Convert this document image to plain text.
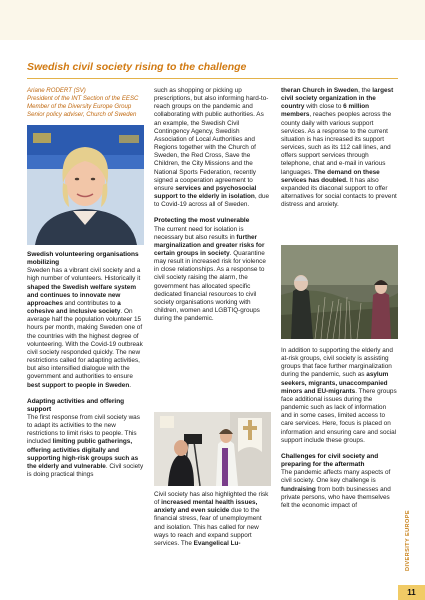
Swedish civil society rising to the challenge
Ariane RODERT (SV)
President of the INT Section of the EESC
Member of the Diversity Europe Group
Senior policy adviser, Church of Sweden

Swedish volunteering organisations mobilizing

Sweden has a vibrant civil society and a high number of volunteers. Historically it shaped the Swedish welfare system and continues to innovate new approaches and contributes to a cohesive and inclusive society. On average half the population volunteer 15 hours per month, making Sweden one of the countries with the highest degree of volunteering. With the Covid-19 outbreak civil society responded quickly. The new restrictions called for adapting activities, but also intensified dialogue with the government and authorities to ensure best support to people in Sweden.

Adapting activities and offering support

The first response from civil society was to adapt its activities to the new restrictions to limit risks to people. This included limiting public gatherings, offering activities digitally and supporting high-risk groups such as the elderly and vulnerable. Civil society is doing practical things

such as shopping or picking up prescriptions, but also informing hard-to-reach groups on the pandemic and collaborating with public authorities. As an example, the Swedish Civil Contingency Agency, Swedish Association of Local Authorities and Regions together with the Church of Sweden, the Red Cross, Save the Children, the City Missions and the National Sports Federation, recently signed a cooperation agreement to ensure services and psychosocial support to the elderly in isolation, due to Covid-19 across all of Sweden.

Protecting the most vulnerable

The current need for isolation is necessary but also results in further marginalization and greater risks for certain groups in society. Quarantine may result in increased risk for violence in close relationships. As a response to civil society raising the alarm, the government has allocated specific dedicated financial resources to civil society organisations working with children, women and LGBTIQ-groups during the pandemic.

Civil society has also highlighted the risk of increased mental health issues, anxiety and even suicide due to the financial stress, fear of unemployment and isolation. This has called for new ways to reach and expand support services. The Evangelical Lu-

theran Church in Sweden, the largest civil society organization in the country with close to 6 million members, reaches peoples across the county daily with various support services. As a response to the current situation is has increased its support services, such as its 112 call lines, and offers support services through telephone, chat and e-mail in various languages. The demand on these services has doubled. It has also expanded its diaconal support to offer alternatives for social contacts to prevent distress and anxiety.

In addition to supporting the elderly and at-risk groups, civil society is assisting groups that face further marginalization during the pandemic, such as asylum seekers, migrants, unaccompanied minors and EU-migrants. There groups face additional issues during the pandemic such as lack of information and in some cases, limited access to care services. Here, focus is placed on information and ensuring care and social support include these groups.

Challenges for civil society and preparing for the aftermath

The pandemic affects many aspects of civil society. One key challenge is fundraising from both businesses and private persons, who have themselves felt the economic impact of

DIVERSITY EUROPE
11
